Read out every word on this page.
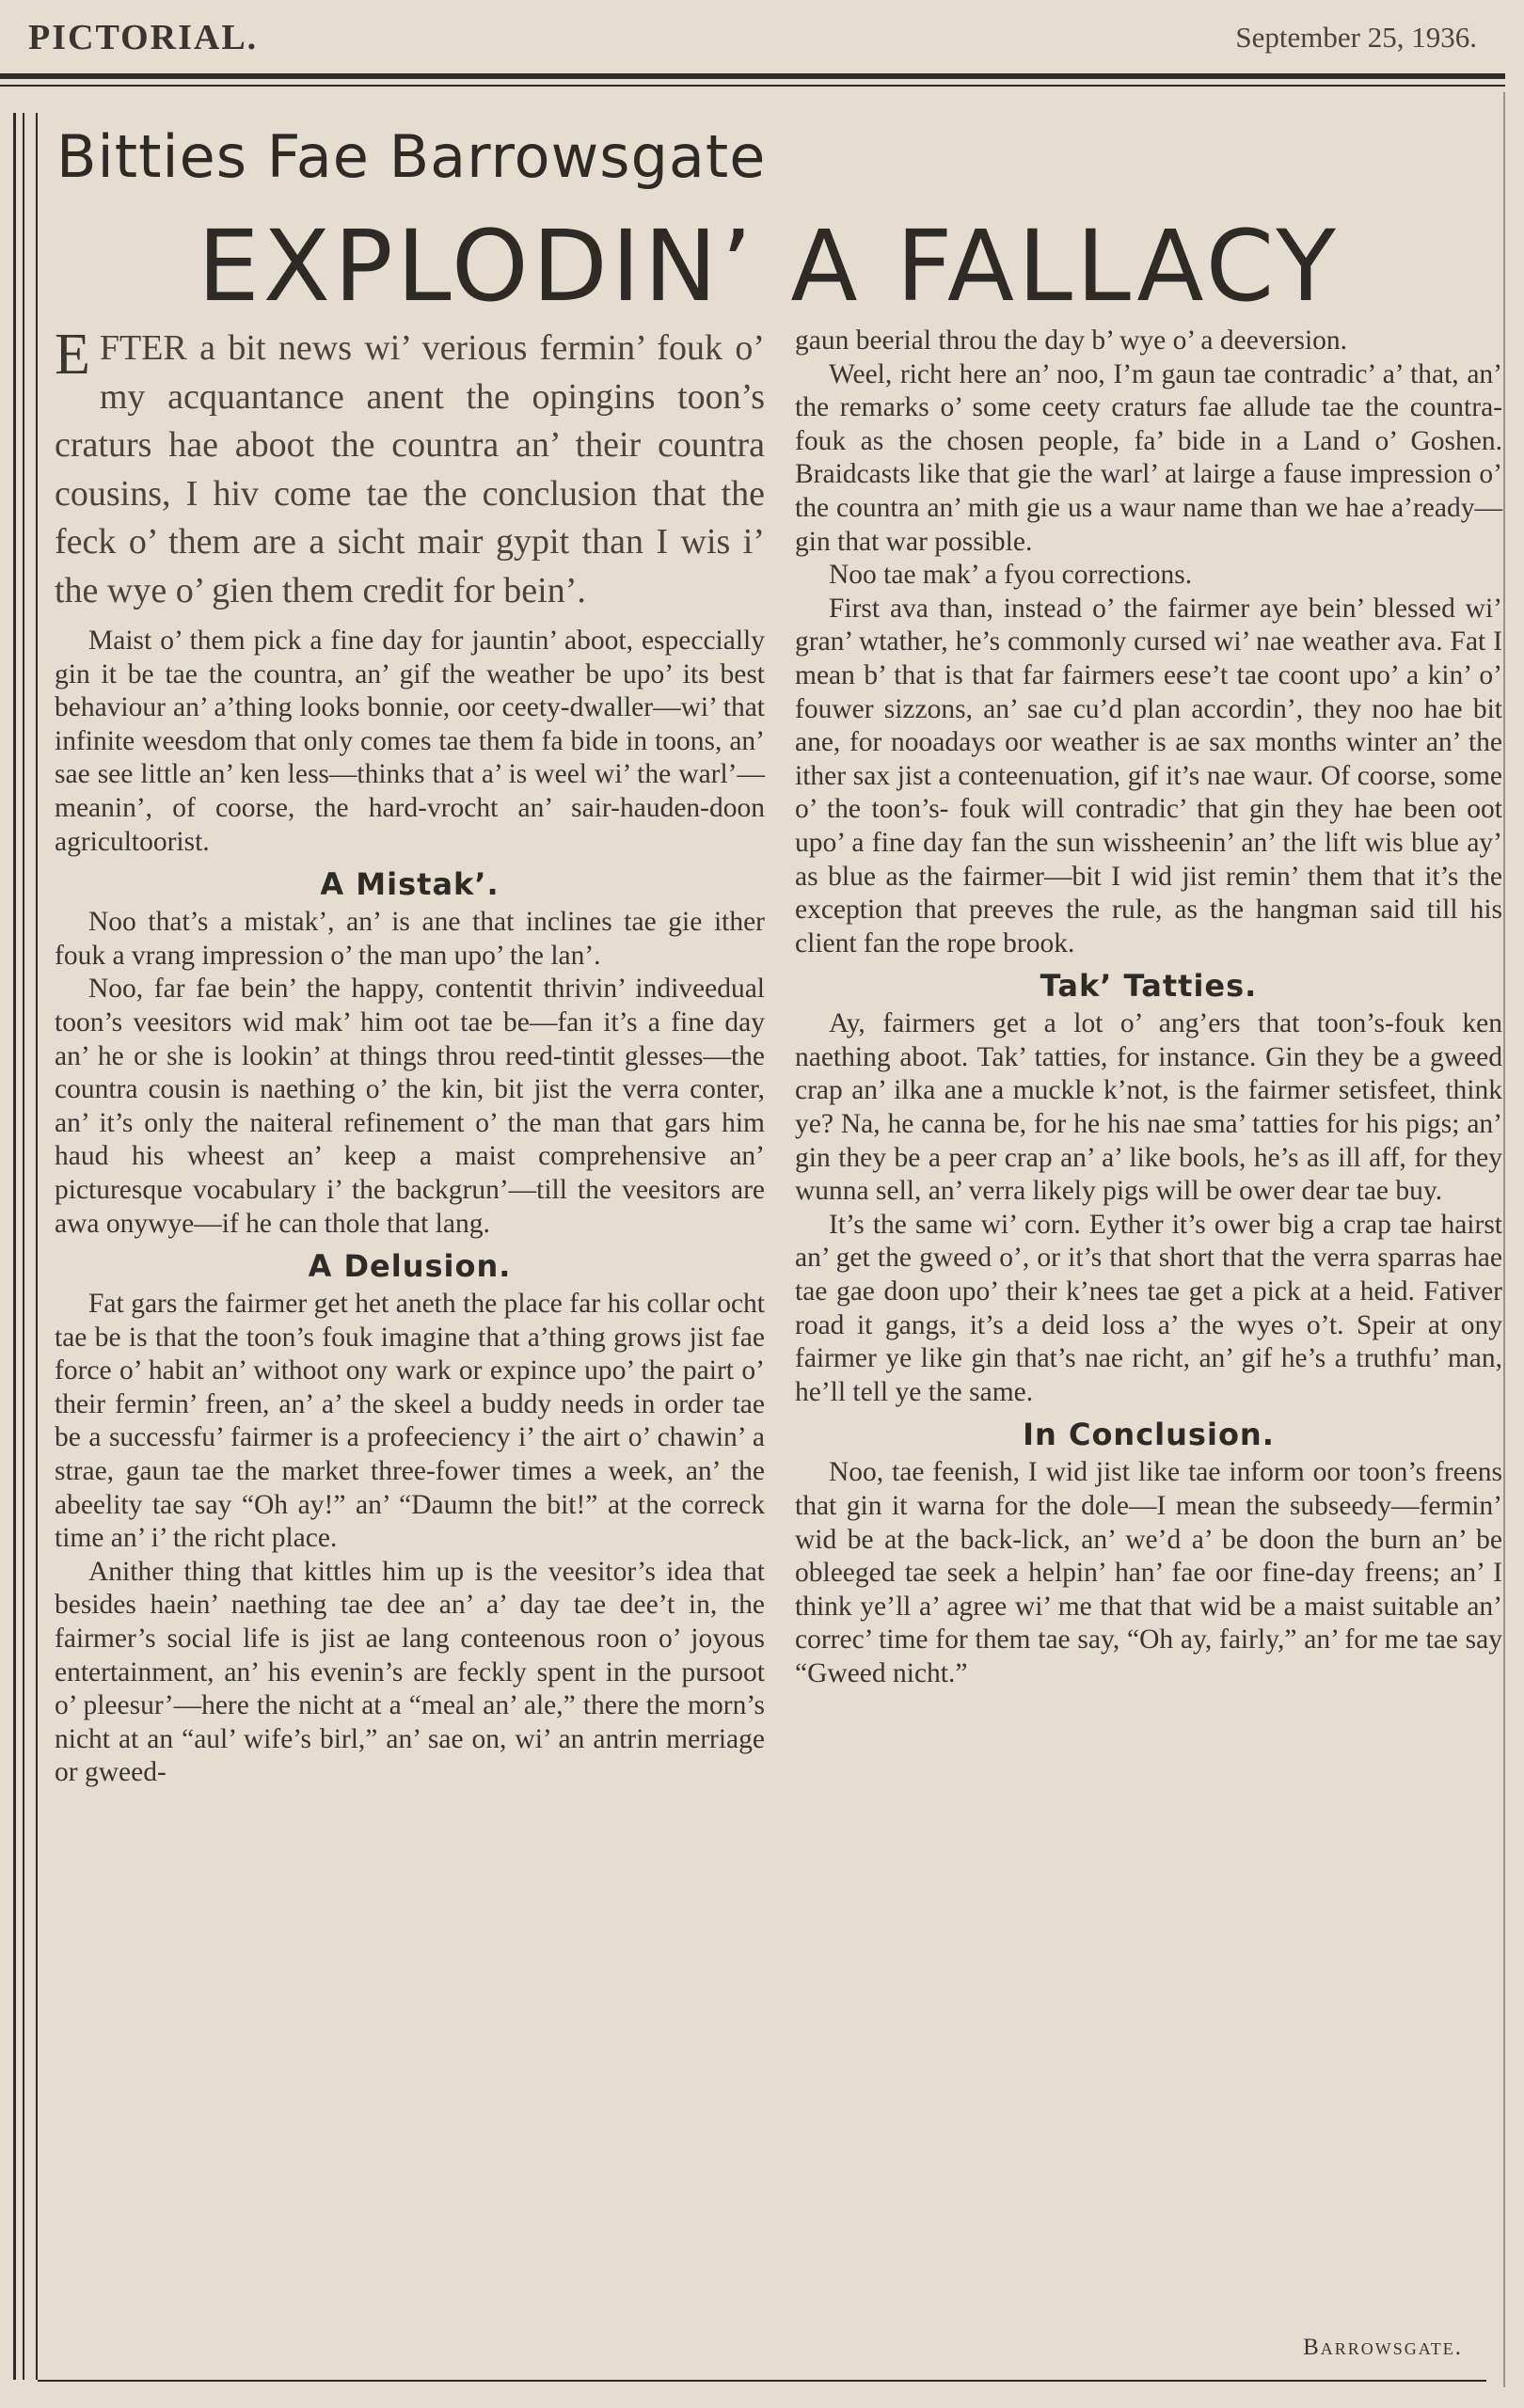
PICTORIAL.	September 25, 1936.
Bitties Fae Barrowsgate
EXPLODIN’ A FALLACY

EFTER a bit news wi’ verious fermin’ fouk o’ my acquantance anent the opingins toon’s craturs hae aboot the countra an’ their countra cousins, I hiv come tae the conclusion that the feck o’ them are a sicht mair gypit than I wis i’ the wye o’ gien them credit for bein’.

Maist o’ them pick a fine day for jauntin’ aboot, especcially gin it be tae the countra, an’ gif the weather be upo’ its best behaviour an’ a’thing looks bonnie, oor ceety-dwaller—wi’ that infinite weesdom that only comes tae them fa bide in toons, an’ sae see little an’ ken less—thinks that a’ is weel wi’ the warl’—meanin’, of coorse, the hard-vrocht an’ sair-hauden-doon agricultoorist.

A Mistak’.

Noo that’s a mistak’, an’ is ane that inclines tae gie ither fouk a vrang impression o’ the man upo’ the lan’.

Noo, far fae bein’ the happy, contentit thrivin’ indiveedual toon’s veesitors wid mak’ him oot tae be—fan it’s a fine day an’ he or she is lookin’ at things throu reed-tintit glesses—the countra cousin is naething o’ the kin, bit jist the verra conter, an’ it’s only the naiteral refinement o’ the man that gars him haud his wheest an’ keep a maist comprehensive an’ picturesque vocabulary i’ the backgrun’—till the veesitors are awa onywye—if he can thole that lang.

A Delusion.

Fat gars the fairmer get het aneth the place far his collar ocht tae be is that the toon’s fouk imagine that a’thing grows jist fae force o’ habit an’ withoot ony wark or expince upo’ the pairt o’ their fermin’ freen, an’ a’ the skeel a buddy needs in order tae be a successfu’ fairmer is a profeeciency i’ the airt o’ chawin’ a strae, gaun tae the market three-fower times a week, an’ the abeelity tae say “Oh ay!” an’ “Daumn the bit!” at the correck time an’ i’ the richt place.

Anither thing that kittles him up is the veesitor’s idea that besides haein’ naething tae dee an’ a’ day tae dee’t in, the fairmer’s social life is jist ae lang conteenous roon o’ joyous entertainment, an’ his evenin’s are feckly spent in the pursoot o’ pleesur’—here the nicht at a “meal an’ ale,” there the morn’s nicht at an “aul’ wife’s birl,” an’ sae on, wi’ an antrin merriage or gweed-

gaun beerial throu the day b’ wye o’ a deeversion.

Weel, richt here an’ noo, I’m gaun tae contradic’ a’ that, an’ the remarks o’ some ceety craturs fae allude tae the countra-fouk as the chosen people, fa’ bide in a Land o’ Goshen. Braidcasts like that gie the warl’ at lairge a fause impression o’ the countra an’ mith gie us a waur name than we hae a’ready—gin that war possible.

Noo tae mak’ a fyou corrections.

First ava than, instead o’ the fairmer aye bein’ blessed wi’ gran’ wtather, he’s commonly cursed wi’ nae weather ava. Fat I mean b’ that is that far fairmers eese’t tae coont upo’ a kin’ o’ fouwer sizzons, an’ sae cu’d plan accordin’, they noo hae bit ane, for nooadays oor weather is ae sax months winter an’ the ither sax jist a conteenuation, gif it’s nae waur. Of coorse, some o’ the toon’s- fouk will contradic’ that gin they hae been oot upo’ a fine day fan the sun wissheenin’ an’ the lift wis blue ay’ as blue as the fairmer—bit I wid jist remin’ them that it’s the exception that preeves the rule, as the hangman said till his client fan the rope brook.

Tak’ Tatties.

Ay, fairmers get a lot o’ ang’ers that toon’s-fouk ken naething aboot. Tak’ tatties, for instance. Gin they be a gweed crap an’ ilka ane a muckle k’not, is the fairmer setisfeet, think ye? Na, he canna be, for he his nae sma’ tatties for his pigs; an’ gin they be a peer crap an’ a’ like bools, he’s as ill aff, for they wunna sell, an’ verra likely pigs will be ower dear tae buy.

It’s the same wi’ corn. Eyther it’s ower big a crap tae hairst an’ get the gweed o’, or it’s that short that the verra sparras hae tae gae doon upo’ their k’nees tae get a pick at a heid. Fativer road it gangs, it’s a deid loss a’ the wyes o’t. Speir at ony fairmer ye like gin that’s nae richt, an’ gif he’s a truthfu’ man, he’ll tell ye the same.

In Conclusion.

Noo, tae feenish, I wid jist like tae inform oor toon’s freens that gin it warna for the dole—I mean the subseedy—fermin’ wid be at the back-lick, an’ we’d a’ be doon the burn an’ be obleeged tae seek a helpin’ han’ fae oor fine-day freens; an’ I think ye’ll a’ agree wi’ me that that wid be a maist suitable an’ correc’ time for them tae say, “Oh ay, fairly,” an’ for me tae say “Gweed nicht.”

Barrowsgate.
